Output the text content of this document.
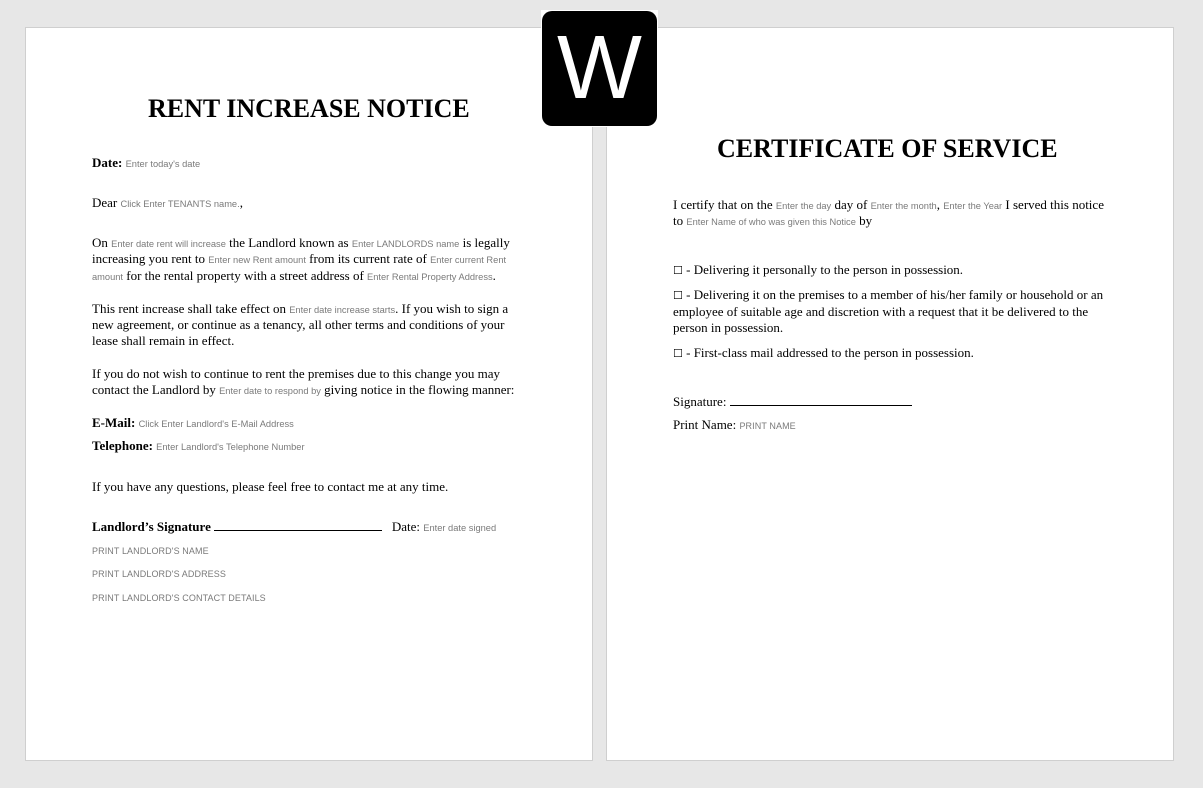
RENT INCREASE NOTICE
Date: Enter today's date
Dear Click Enter TENANTS name.,
On Enter date rent will increase the Landlord known as Enter LANDLORDS name is legally
increasing you rent to Enter new Rent amount from its current rate of Enter current Rent
amount for the rental property with a street address of Enter Rental Property Address.
This rent increase shall take effect on Enter date increase starts. If you wish to sign a
new agreement, or continue as a tenancy, all other terms and conditions of your
lease shall remain in effect.
If you do not wish to continue to rent the premises due to this change you may
contact the Landlord by Enter date to respond by giving notice in the flowing manner:
E-Mail: Click Enter Landlord's E-Mail Address
Telephone: Enter Landlord's Telephone Number
If you have any questions, please feel free to contact me at any time.
Landlord’s Signature	Date: Enter date signed
PRINT LANDLORD'S NAME
PRINT LANDLORD'S ADDRESS
PRINT LANDLORD'S CONTACT DETAILS
CERTIFICATE OF SERVICE
I certify that on the Enter the day day of Enter the month, Enter the Year I served this notice
to Enter Name of who was given this Notice by
☐ - Delivering it personally to the person in possession.
☐ - Delivering it on the premises to a member of his/her family or household or an
employee of suitable age and discretion with a request that it be delivered to the
person in possession.
☐ - First-class mail addressed to the person in possession.
Signature:
Print Name: PRINT NAME
W
